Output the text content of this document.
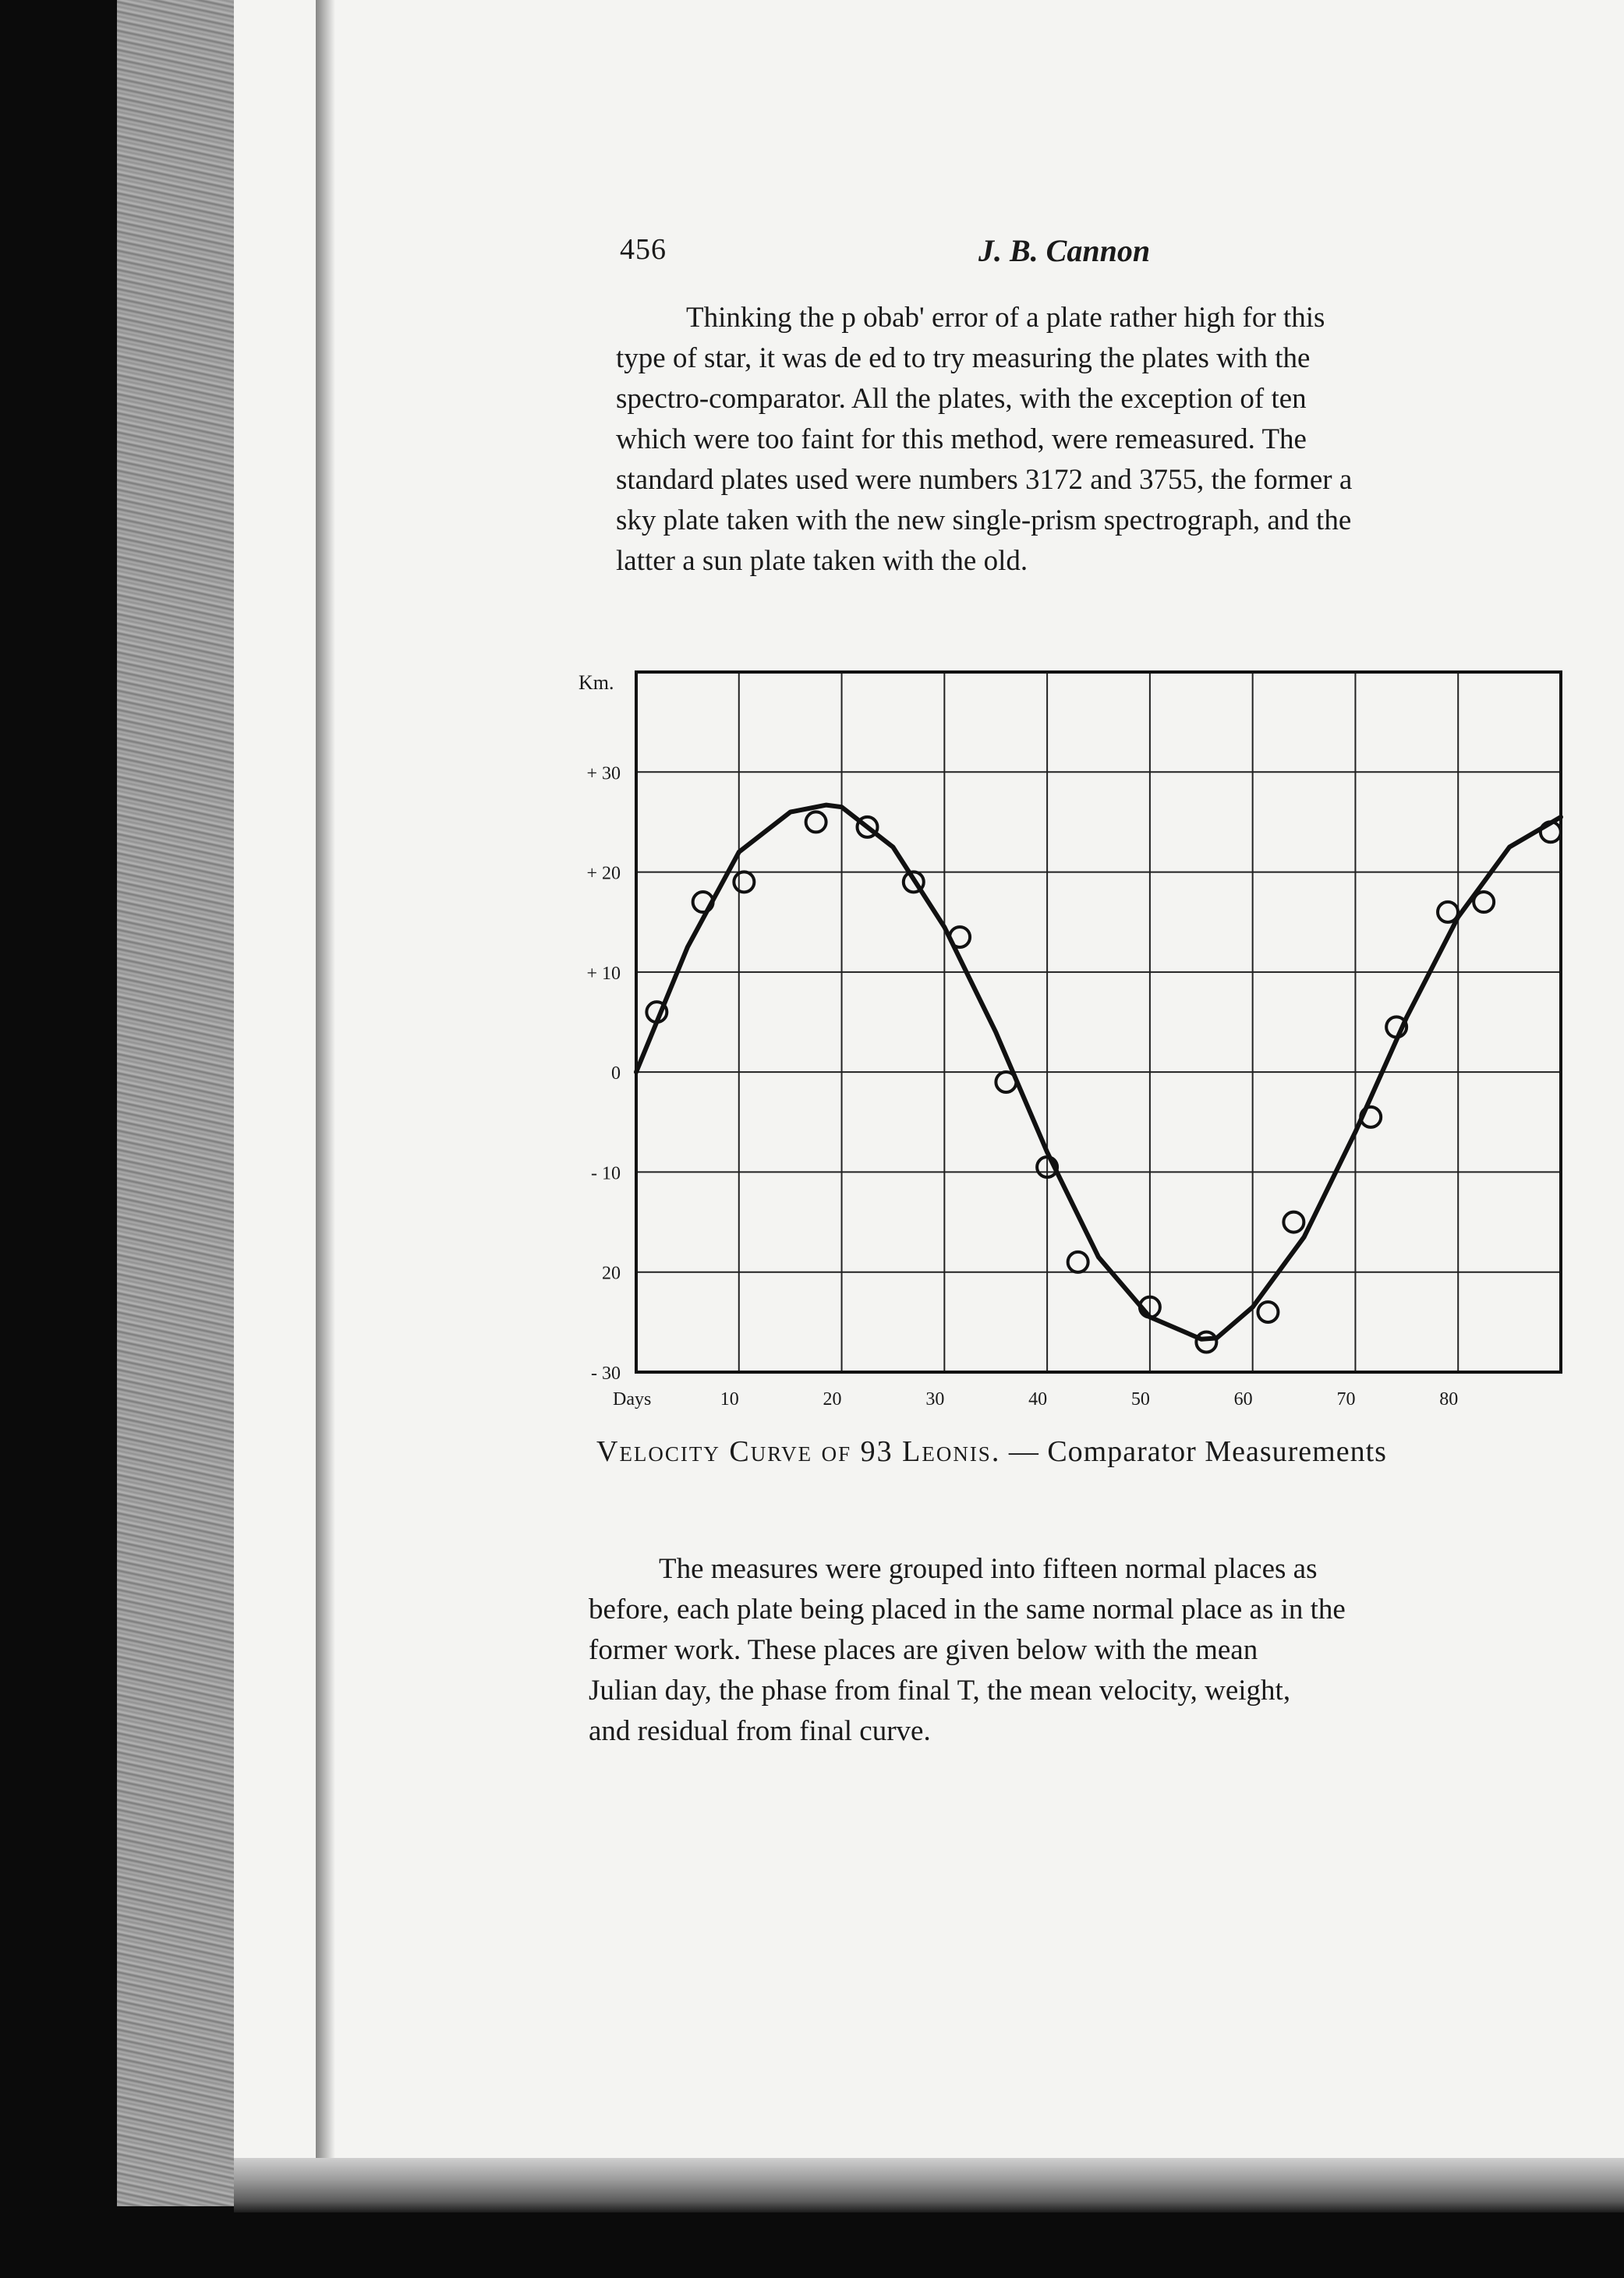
456	J. B. Cannon
Thinking the p obab' error of a plate rather high for this
type of star, it was de ed to try measuring the plates with the
spectro-comparator. All the plates, with the exception of ten
which were too faint for this method, were remeasured. The
standard plates used were numbers 3172 and 3755, the former a
sky plate taken with the new single-prism spectrograph, and the
latter a sun plate taken with the old.
Km.
+ 30
+ 20
+ 10
0
- 10
20
- 30
Days	10	20	30	40	50	60	70	80
Velocity Curve of 93 Leonis. — Comparator Measurements
The measures were grouped into fifteen normal places as
before, each plate being placed in the same normal place as in the
former work. These places are given below with the mean
Julian day, the phase from final T, the mean velocity, weight,
and residual from final curve.
